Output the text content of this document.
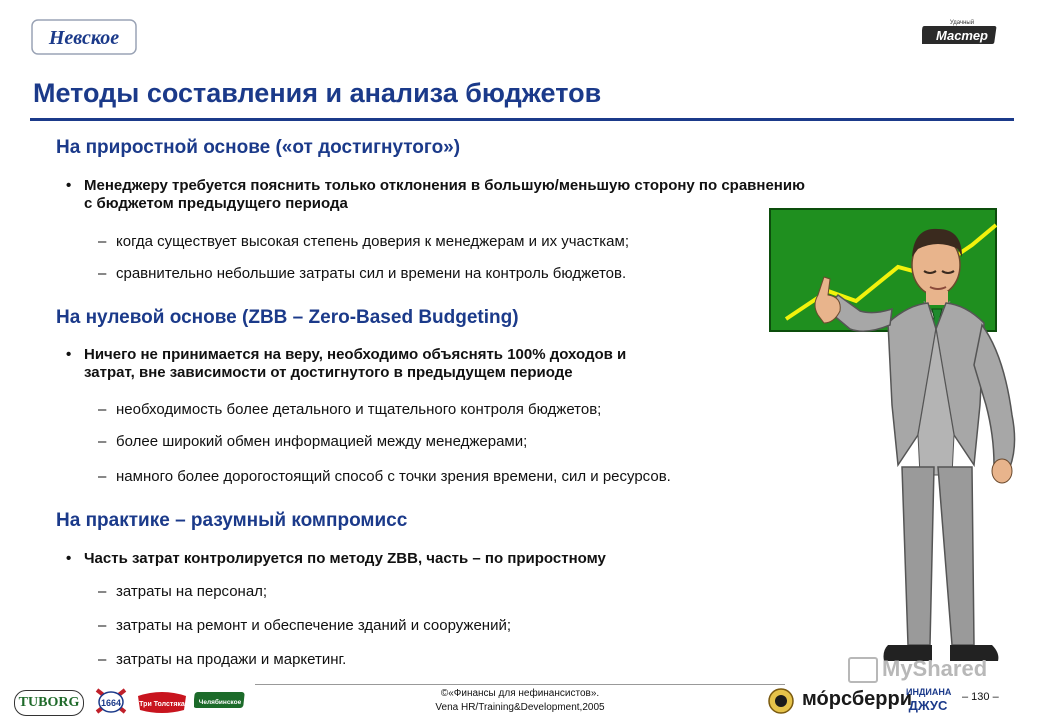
Невское
Удачный
Мастер
Методы составления и анализа бюджетов
На приростной основе («от достигнутого»)
• Менеджеру требуется пояснить только отклонения в большую/меньшую сторону по сравнению
с бюджетом предыдущего периода
– когда существует высокая степень доверия к менеджерам и их участкам;
– сравнительно небольшие затраты сил и времени на контроль бюджетов.
На нулевой основе (ZBB – Zero-Based Budgeting)
• Ничего не принимается на веру, необходимо объяснять 100% доходов и
затрат, вне зависимости от достигнутого в предыдущем периоде
– необходимость более детального и тщательного контроля бюджетов;
– более широкий обмен информацией между менеджерами;
– намного более дорогостоящий способ с точки зрения времени, сил и ресурсов.
На практике – разумный компромисс
• Часть затрат контролируется по методу ZBB, часть – по приростному
– затраты на персонал;
– затраты на ремонт и обеспечение зданий и сооружений;
– затраты на продажи и маркетинг.	MyShared
©«Финансы для нефинансистов».
Vena HR/Training&Development,2005
– 130 –
TUBORG	1664	Три Толстяка Челябинское	мо́рсберри
ИНДИАНА
ДЖУС
